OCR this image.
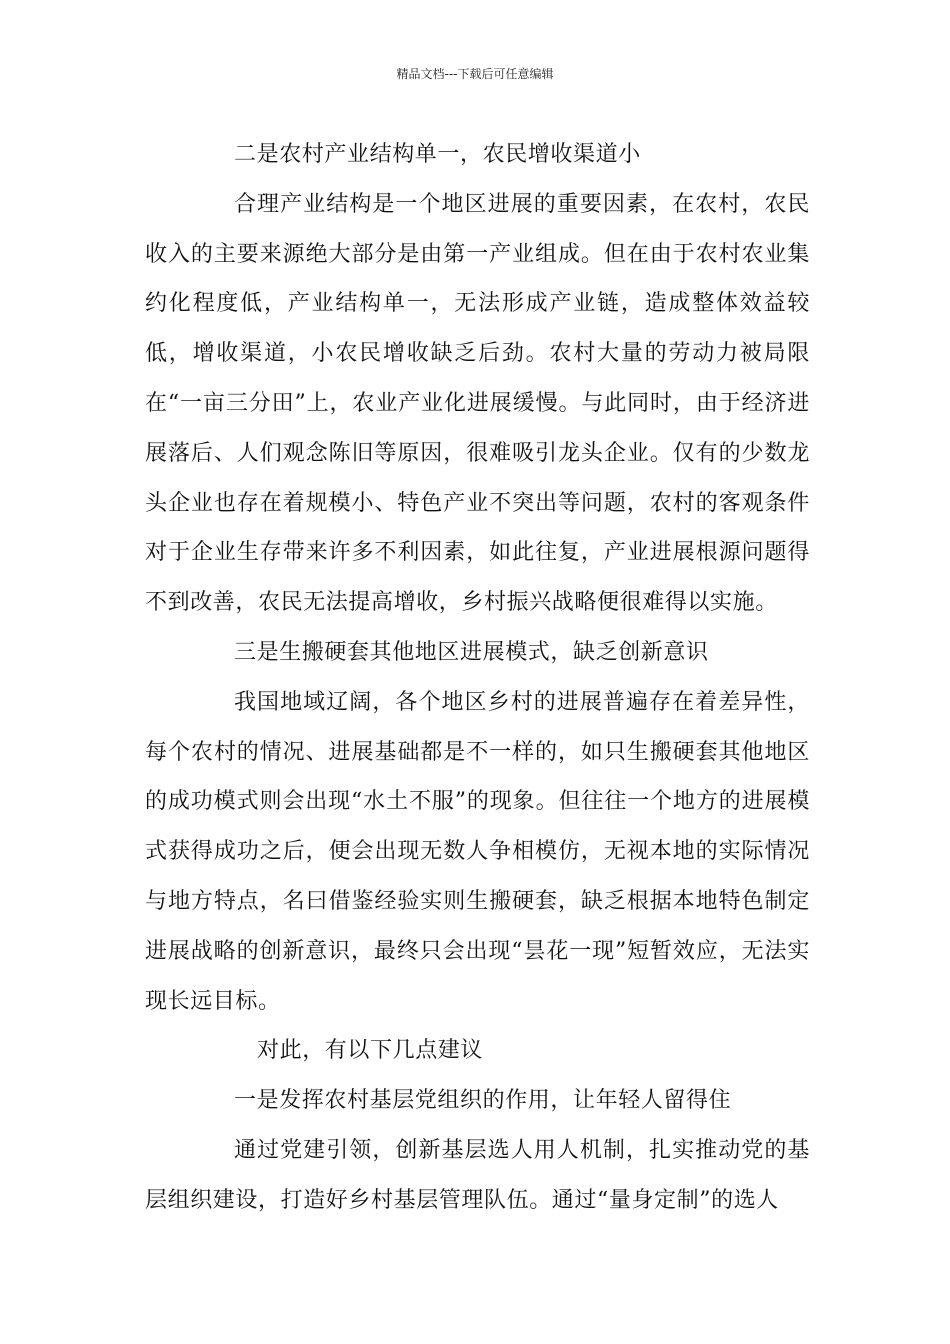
精品文档---下载后可任意编辑

二是农村产业结构单一，农民增收渠道小

合理产业结构是一个地区进展的重要因素，在农村，农民收入的主要来源绝大部分是由第一产业组成。但在由于农村农业集约化程度低，产业结构单一，无法形成产业链，造成整体效益较低，增收渠道，小农民增收缺乏后劲。农村大量的劳动力被局限在“一亩三分田”上，农业产业化进展缓慢。与此同时，由于经济进展落后、人们观念陈旧等原因，很难吸引龙头企业。仅有的少数龙头企业也存在着规模小、特色产业不突出等问题，农村的客观条件对于企业生存带来许多不利因素，如此往复，产业进展根源问题得不到改善，农民无法提高增收，乡村振兴战略便很难得以实施。

三是生搬硬套其他地区进展模式，缺乏创新意识

我国地域辽阔，各个地区乡村的进展普遍存在着差异性，每个农村的情况、进展基础都是不一样的，如只生搬硬套其他地区的成功模式则会出现“水土不服”的现象。但往往一个地方的进展模式获得成功之后，便会出现无数人争相模仿，无视本地的实际情况与地方特点，名曰借鉴经验实则生搬硬套，缺乏根据本地特色制定进展战略的创新意识，最终只会出现“昙花一现”短暂效应，无法实现长远目标。

对此，有以下几点建议

一是发挥农村基层党组织的作用，让年轻人留得住

通过党建引领，创新基层选人用人机制，扎实推动党的基层组织建设，打造好乡村基层管理队伍。通过“量身定制”的选人
